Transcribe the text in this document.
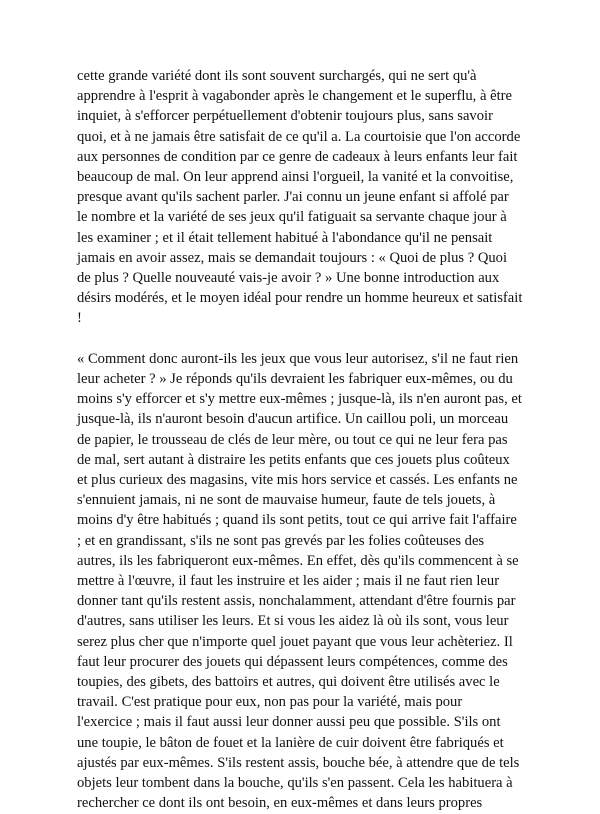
cette grande variété dont ils sont souvent surchargés, qui ne sert qu'à
apprendre à l'esprit à vagabonder après le changement et le superflu, à être
inquiet, à s'efforcer perpétuellement d'obtenir toujours plus, sans savoir
quoi, et à ne jamais être satisfait de ce qu'il a. La courtoisie que l'on accorde
aux personnes de condition par ce genre de cadeaux à leurs enfants leur fait
beaucoup de mal. On leur apprend ainsi l'orgueil, la vanité et la convoitise,
presque avant qu'ils sachent parler. J'ai connu un jeune enfant si affolé par
le nombre et la variété de ses jeux qu'il fatiguait sa servante chaque jour à
les examiner ; et il était tellement habitué à l'abondance qu'il ne pensait
jamais en avoir assez, mais se demandait toujours : « Quoi de plus ? Quoi
de plus ? Quelle nouveauté vais-je avoir ? » Une bonne introduction aux
désirs modérés, et le moyen idéal pour rendre un homme heureux et satisfait
!

« Comment donc auront-ils les jeux que vous leur autorisez, s'il ne faut rien
leur acheter ? » Je réponds qu'ils devraient les fabriquer eux-mêmes, ou du
moins s'y efforcer et s'y mettre eux-mêmes ; jusque-là, ils n'en auront pas, et
jusque-là, ils n'auront besoin d'aucun artifice. Un caillou poli, un morceau
de papier, le trousseau de clés de leur mère, ou tout ce qui ne leur fera pas
de mal, sert autant à distraire les petits enfants que ces jouets plus coûteux
et plus curieux des magasins, vite mis hors service et cassés. Les enfants ne
s'ennuient jamais, ni ne sont de mauvaise humeur, faute de tels jouets, à
moins d'y être habitués ; quand ils sont petits, tout ce qui arrive fait l'affaire
; et en grandissant, s'ils ne sont pas grevés par les folies coûteuses des
autres, ils les fabriqueront eux-mêmes. En effet, dès qu'ils commencent à se
mettre à l'œuvre, il faut les instruire et les aider ; mais il ne faut rien leur
donner tant qu'ils restent assis, nonchalamment, attendant d'être fournis par
d'autres, sans utiliser les leurs. Et si vous les aidez là où ils sont, vous leur
serez plus cher que n'importe quel jouet payant que vous leur achèteriez. Il
faut leur procurer des jouets qui dépassent leurs compétences, comme des
toupies, des gibets, des battoirs et autres, qui doivent être utilisés avec le
travail. C'est pratique pour eux, non pas pour la variété, mais pour
l'exercice ; mais il faut aussi leur donner aussi peu que possible. S'ils ont
une toupie, le bâton de fouet et la lanière de cuir doivent être fabriqués et
ajustés par eux-mêmes. S'ils restent assis, bouche bée, à attendre que de tels
objets leur tombent dans la bouche, qu'ils s'en passent. Cela les habituera à
rechercher ce dont ils ont besoin, en eux-mêmes et dans leurs propres
